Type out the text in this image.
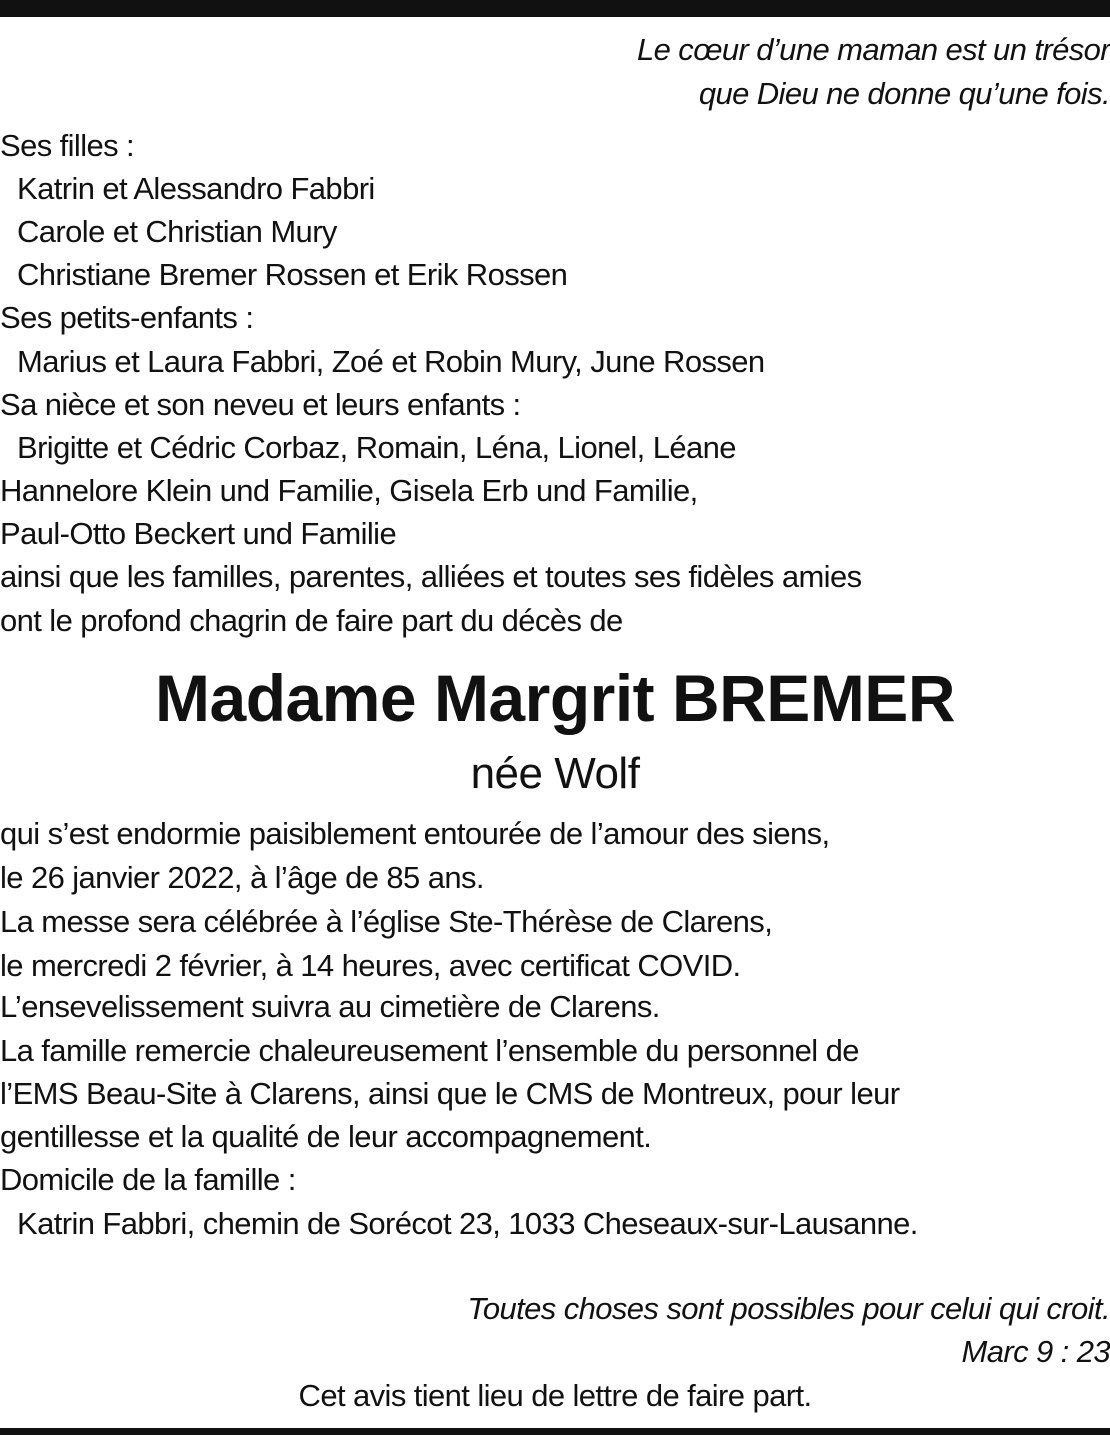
Le cœur d’une maman est un trésor
que Dieu ne donne qu’une fois.
Ses filles :
Katrin et Alessandro Fabbri
Carole et Christian Mury
Christiane Bremer Rossen et Erik Rossen
Ses petits-enfants :
Marius et Laura Fabbri, Zoé et Robin Mury, June Rossen
Sa nièce et son neveu et leurs enfants :
Brigitte et Cédric Corbaz, Romain, Léna, Lionel, Léane
Hannelore Klein und Familie, Gisela Erb und Familie,
Paul-Otto Beckert und Familie
ainsi que les familles, parentes, alliées et toutes ses fidèles amies
ont le profond chagrin de faire part du décès de
Madame Margrit BREMER
née Wolf
qui s’est endormie paisiblement entourée de l’amour des siens,
le 26 janvier 2022, à l’âge de 85 ans.
La messe sera célébrée à l’église Ste-Thérèse de Clarens,
le mercredi 2 février, à 14 heures, avec certificat COVID.
L’ensevelissement suivra au cimetière de Clarens.
La famille remercie chaleureusement l’ensemble du personnel de
l’EMS Beau-Site à Clarens, ainsi que le CMS de Montreux, pour leur
gentillesse et la qualité de leur accompagnement.
Domicile de la famille :
Katrin Fabbri, chemin de Sorécot 23, 1033 Cheseaux-sur-Lausanne.
Toutes choses sont possibles pour celui qui croit.
Marc 9 : 23
Cet avis tient lieu de lettre de faire part.
